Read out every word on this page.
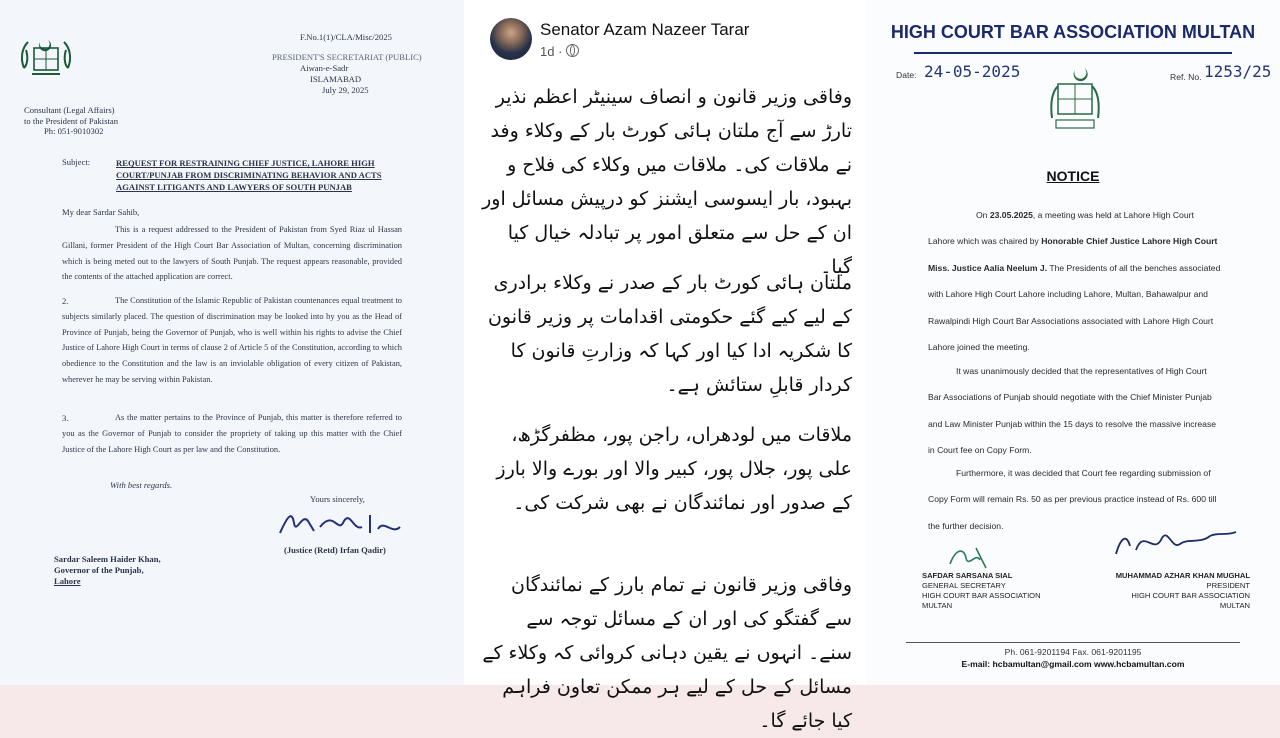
F.No.1(1)/CLA/Misc/2025
PRESIDENT'S SECRETARIAT (PUBLIC)
Aiwan-e-Sadr
ISLAMABAD
July 29, 2025
Consultant (Legal Affairs)
to the President of Pakistan
Ph: 051-9010302
Subject:	REQUEST FOR RESTRAINING CHIEF JUSTICE, LAHORE HIGH COURT/PUNJAB FROM DISCRIMINATING BEHAVIOR AND ACTS AGAINST LITIGANTS AND LAWYERS OF SOUTH PUNJAB
My dear Sardar Sahib,
This is a request addressed to the President of Pakistan from Syed Riaz ul Hassan Gillani, former President of the High Court Bar Association of Multan, concerning discrimination which is being meted out to the lawyers of South Punjab. The request appears reasonable, provided the contents of the attached application are correct.
2.	The Constitution of the Islamic Republic of Pakistan countenances equal treatment to subjects similarly placed. The question of discrimination may be looked into by you as the Head of Province of Punjab, being the Governor of Punjab, who is well within his rights to advise the Chief Justice of Lahore High Court in terms of clause 2 of Article 5 of the Constitution, according to which obedience to the Constitution and the law is an inviolable obligation of every citizen of Pakistan, wherever he may be serving within Pakistan.
3.	As the matter pertains to the Province of Punjab, this matter is therefore referred to you as the Governor of Punjab to consider the propriety of taking up this matter with the Chief Justice of the Lahore High Court as per law and the Constitution.
With best regards.
Yours sincerely,
(Justice (Retd) Irfan Qadir)
Sardar Saleem Haider Khan,
Governor of the Punjab,
Lahore
Senator Azam Nazeer Tarar
1d ·
وفاقی وزیر قانون و انصاف سینیٹر اعظم نذیر تارڑ سے آج ملتان ہائی کورٹ بار کے وکلاء وفد نے ملاقات کی۔ ملاقات میں وکلاء کی فلاح و بہبود، بار ایسوسی ایشنز کو درپیش مسائل اور ان کے حل سے متعلق امور پر تبادلہ خیال کیا گیا۔
ملتان ہائی کورٹ بار کے صدر نے وکلاء برادری کے لیے کیے گئے حکومتی اقدامات پر وزیر قانون کا شکریہ ادا کیا اور کہا کہ وزارتِ قانون کا کردار قابلِ ستائش ہے۔
ملاقات میں لودھراں، راجن پور، مظفرگڑھ، علی پور، جلال پور، کبیر والا اور بورے والا بارز کے صدور اور نمائندگان نے بھی شرکت کی۔
وفاقی وزیر قانون نے تمام بارز کے نمائندگان سے گفتگو کی اور ان کے مسائل توجہ سے سنے۔ انہوں نے یقین دہانی کروائی کہ وکلاء کے مسائل کے حل کے لیے ہر ممکن تعاون فراہم کیا جائے گا۔
HIGH COURT BAR ASSOCIATION MULTAN
Date: 24-05-2025	Ref. No. 1253/25
NOTICE
On 23.05.2025, a meeting was held at Lahore High Court
Lahore which was chaired by Honorable Chief Justice Lahore High Court
Miss. Justice Aalia Neelum J. The Presidents of all the benches associated
with Lahore High Court Lahore including Lahore, Multan, Bahawalpur and
Rawalpindi High Court Bar Associations associated with Lahore High Court
Lahore joined the meeting.
It was unanimously decided that the representatives of High Court
Bar Associations of Punjab should negotiate with the Chief Minister Punjab
and Law Minister Punjab within the 15 days to resolve the massive increase
in Court fee on Copy Form.
Furthermore, it was decided that Court fee regarding submission of
Copy Form will remain Rs. 50 as per previous practice instead of Rs. 600 till
the further decision.
SAFDAR SARSANA SIAL
GENERAL SECRETARY
HIGH COURT BAR ASSOCIATION
MULTAN
MUHAMMAD AZHAR KHAN MUGHAL
PRESIDENT
HIGH COURT BAR ASSOCIATION
MULTAN
Ph. 061-9201194 Fax. 061-9201195
E-mail: hcbamultan@gmail.com www.hcbamultan.com
